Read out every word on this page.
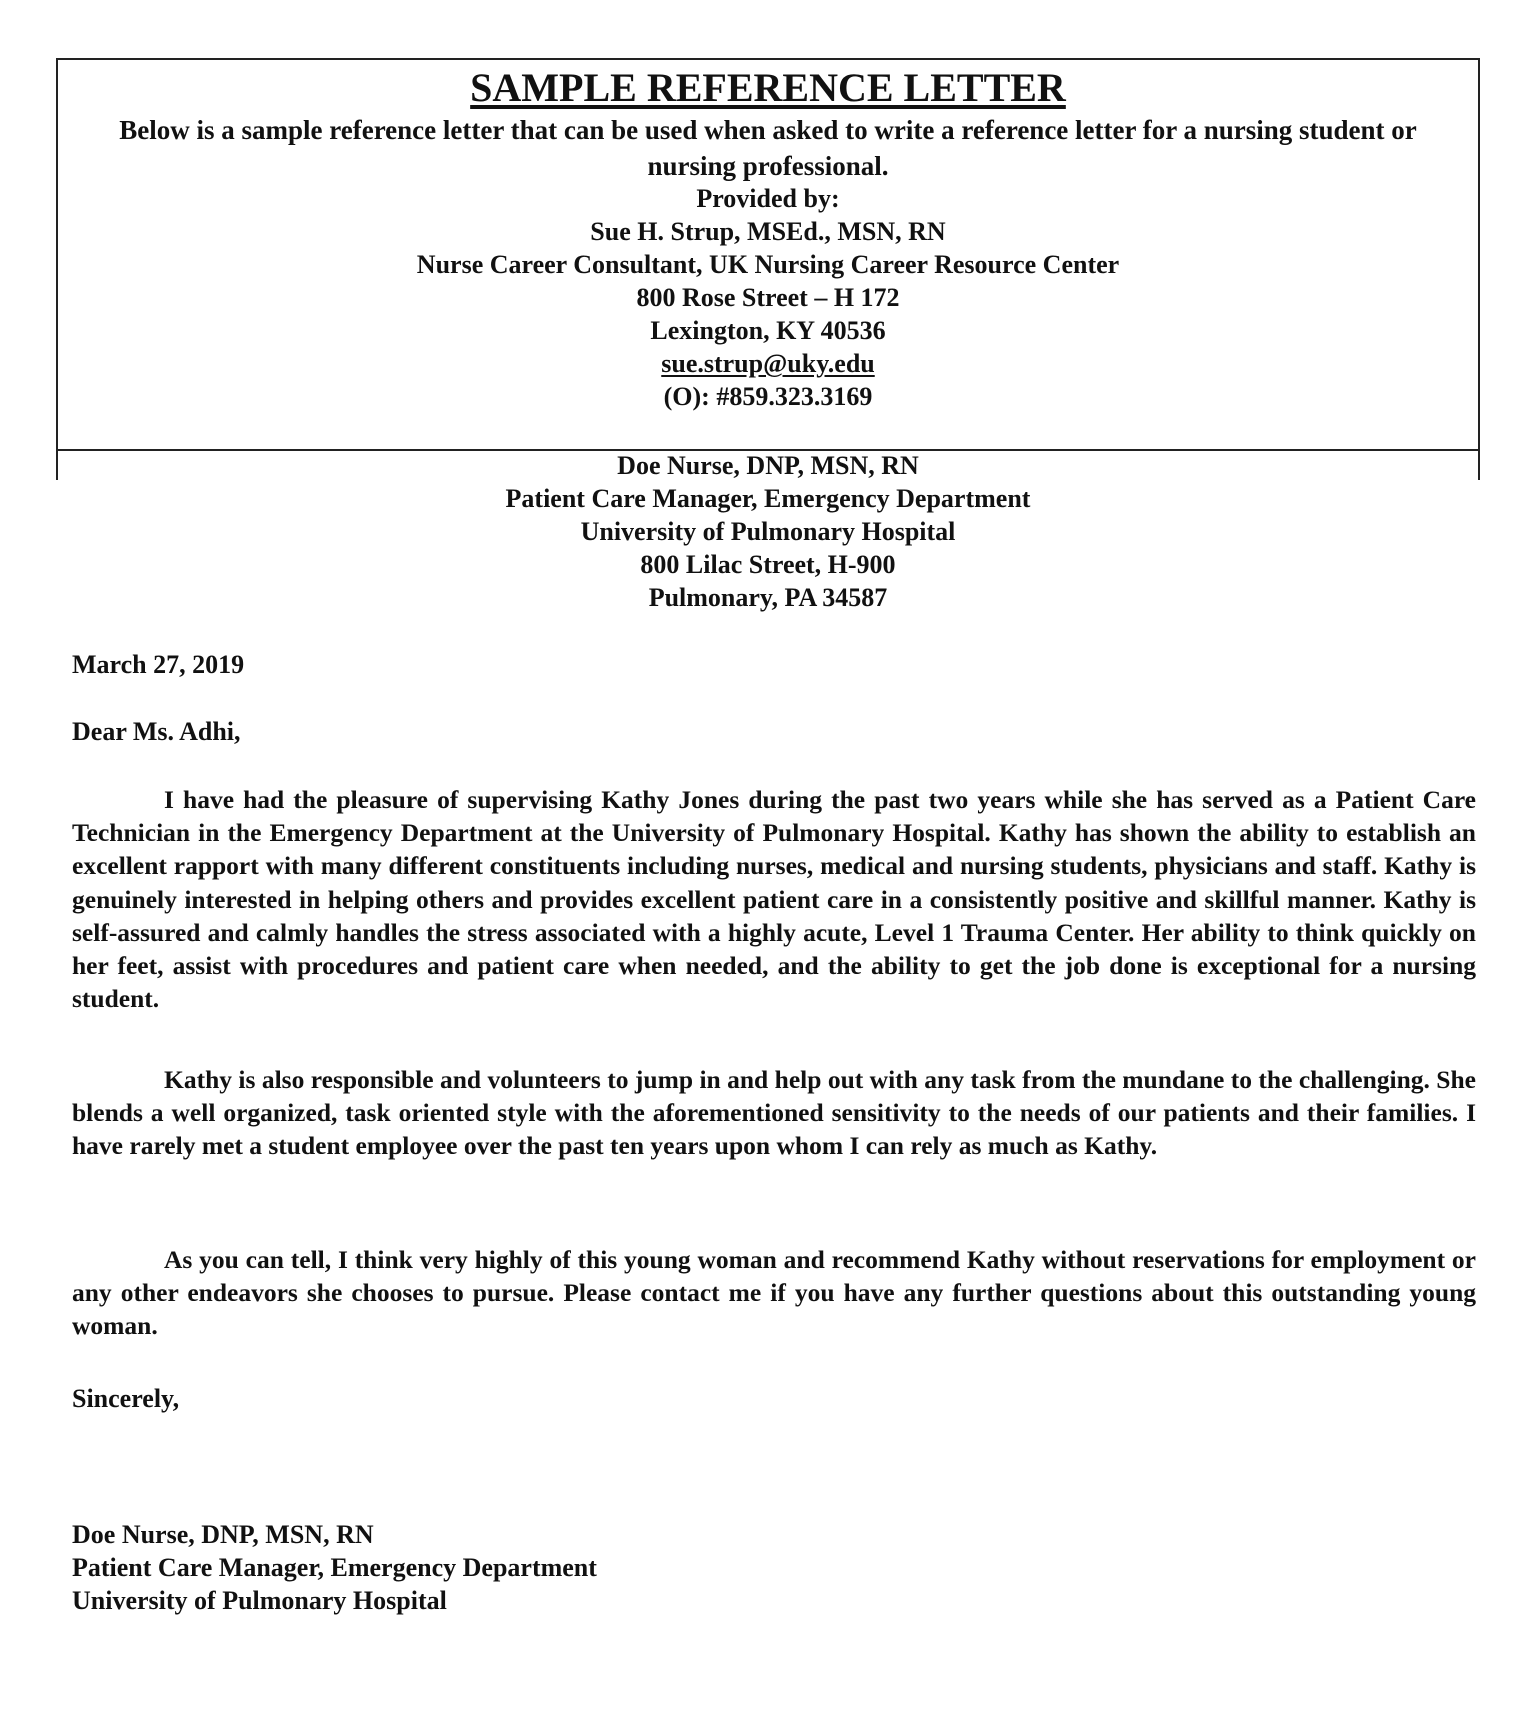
SAMPLE REFERENCE LETTER
Below is a sample reference letter that can be used when asked to write a reference letter for a nursing student or nursing professional.
Provided by:
Sue H. Strup, MSEd., MSN, RN
Nurse Career Consultant, UK Nursing Career Resource Center
800 Rose Street – H 172
Lexington, KY 40536
sue.strup@uky.edu
(O): #859.323.3169
Doe Nurse, DNP, MSN, RN
Patient Care Manager, Emergency Department
University of Pulmonary Hospital
800 Lilac Street, H-900
Pulmonary, PA 34587
March 27, 2019
Dear Ms. Adhi,
I have had the pleasure of supervising Kathy Jones during the past two years while she has served as a Patient Care Technician in the Emergency Department at the University of Pulmonary Hospital. Kathy has shown the ability to establish an excellent rapport with many different constituents including nurses, medical and nursing students, physicians and staff. Kathy is genuinely interested in helping others and provides excellent patient care in a consistently positive and skillful manner. Kathy is self-assured and calmly handles the stress associated with a highly acute, Level 1 Trauma Center. Her ability to think quickly on her feet, assist with procedures and patient care when needed, and the ability to get the job done is exceptional for a nursing student.
Kathy is also responsible and volunteers to jump in and help out with any task from the mundane to the challenging. She blends a well organized, task oriented style with the aforementioned sensitivity to the needs of our patients and their families. I have rarely met a student employee over the past ten years upon whom I can rely as much as Kathy.
As you can tell, I think very highly of this young woman and recommend Kathy without reservations for employment or any other endeavors she chooses to pursue. Please contact me if you have any further questions about this outstanding young woman.
Sincerely,
Doe Nurse, DNP, MSN, RN
Patient Care Manager, Emergency Department
University of Pulmonary Hospital
